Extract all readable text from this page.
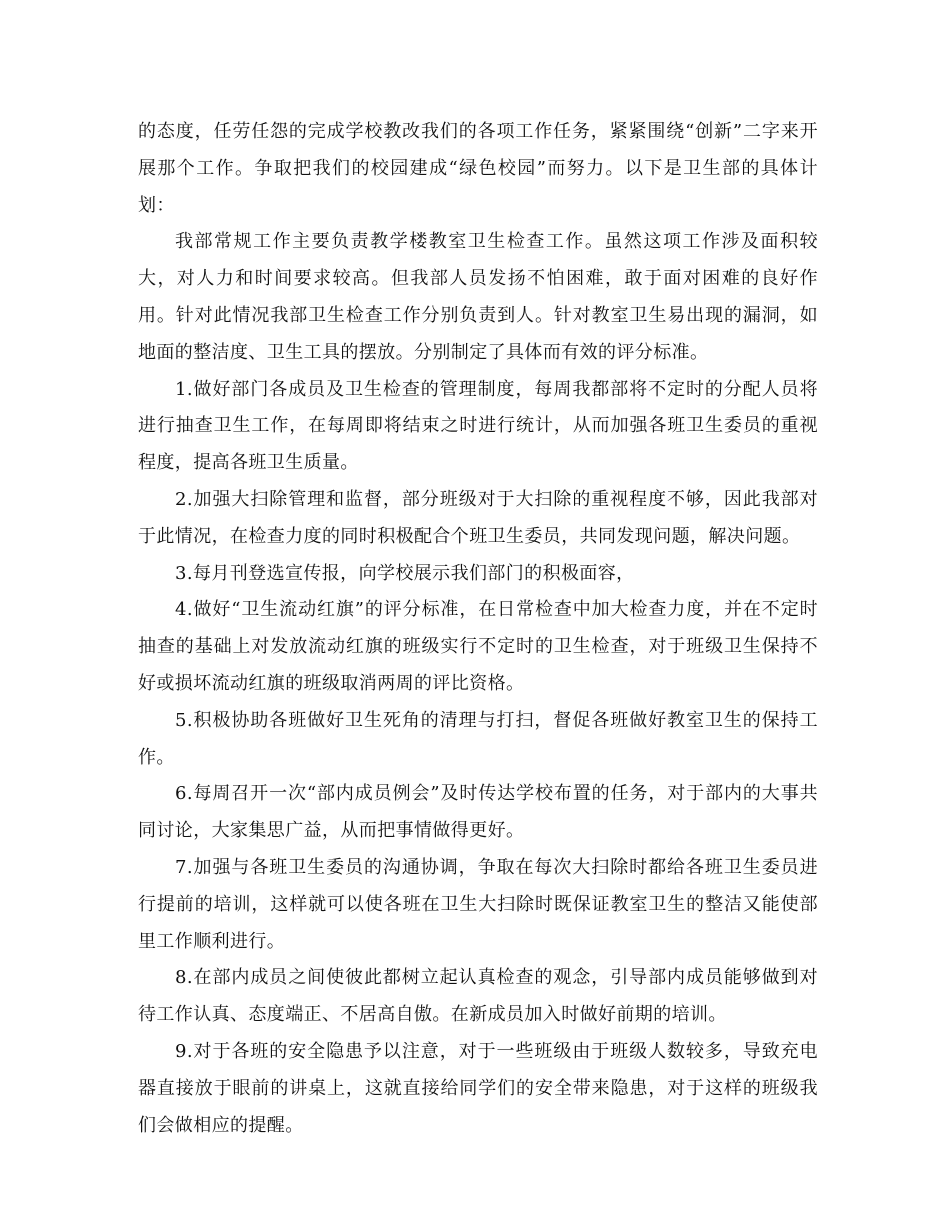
的态度，任劳任怨的完成学校教改我们的各项工作任务，紧紧围绕“创新”二字来开展那个工作。争取把我们的校园建成“绿色校园”而努力。以下是卫生部的具体计划：

我部常规工作主要负责教学楼教室卫生检查工作。虽然这项工作涉及面积较大，对人力和时间要求较高。但我部人员发扬不怕困难，敢于面对困难的良好作用。针对此情况我部卫生检查工作分别负责到人。针对教室卫生易出现的漏洞，如地面的整洁度、卫生工具的摆放。分别制定了具体而有效的评分标准。

1.做好部门各成员及卫生检查的管理制度，每周我都部将不定时的分配人员将进行抽查卫生工作，在每周即将结束之时进行统计，从而加强各班卫生委员的重视程度，提高各班卫生质量。

2.加强大扫除管理和监督，部分班级对于大扫除的重视程度不够，因此我部对于此情况，在检查力度的同时积极配合个班卫生委员，共同发现问题，解决问题。

3.每月刊登选宣传报，向学校展示我们部门的积极面容，

4.做好“卫生流动红旗”的评分标准，在日常检查中加大检查力度，并在不定时抽查的基础上对发放流动红旗的班级实行不定时的卫生检查，对于班级卫生保持不好或损坏流动红旗的班级取消两周的评比资格。

5.积极协助各班做好卫生死角的清理与打扫，督促各班做好教室卫生的保持工作。

6.每周召开一次“部内成员例会”及时传达学校布置的任务，对于部内的大事共同讨论，大家集思广益，从而把事情做得更好。

7.加强与各班卫生委员的沟通协调，争取在每次大扫除时都给各班卫生委员进行提前的培训，这样就可以使各班在卫生大扫除时既保证教室卫生的整洁又能使部里工作顺利进行。

8.在部内成员之间使彼此都树立起认真检查的观念，引导部内成员能够做到对待工作认真、态度端正、不居高自傲。在新成员加入时做好前期的培训。

9.对于各班的安全隐患予以注意，对于一些班级由于班级人数较多，导致充电器直接放于眼前的讲桌上，这就直接给同学们的安全带来隐患，对于这样的班级我们会做相应的提醒。
